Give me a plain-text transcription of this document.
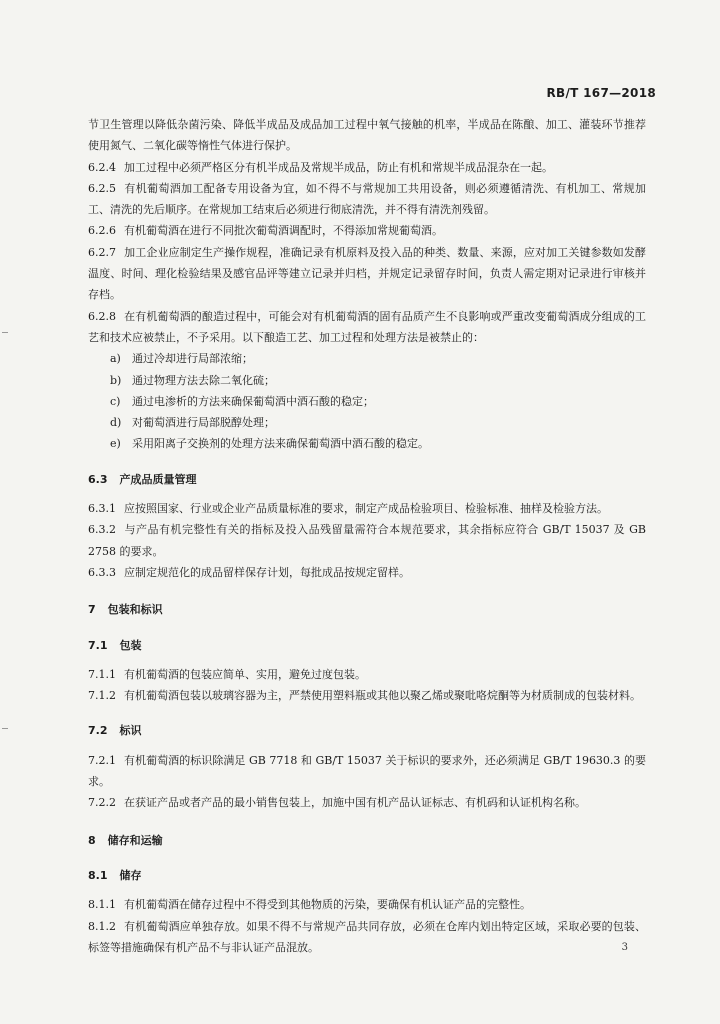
RB/T 167—2018

节卫生管理以降低杂菌污染、降低半成品及成品加工过程中氧气接触的机率，半成品在陈酿、加工、灌装环节推荐使用氮气、二氧化碳等惰性气体进行保护。

6.2.4 加工过程中必须严格区分有机半成品及常规半成品，防止有机和常规半成品混杂在一起。

6.2.5 有机葡萄酒加工配备专用设备为宜，如不得不与常规加工共用设备，则必须遵循清洗、有机加工、常规加工、清洗的先后顺序。在常规加工结束后必须进行彻底清洗，并不得有清洗剂残留。

6.2.6 有机葡萄酒在进行不同批次葡萄酒调配时，不得添加常规葡萄酒。

6.2.7 加工企业应制定生产操作规程，准确记录有机原料及投入品的种类、数量、来源，应对加工关键参数如发酵温度、时间、理化检验结果及感官品评等建立记录并归档，并规定记录留存时间，负责人需定期对记录进行审核并存档。

6.2.8 在有机葡萄酒的酿造过程中，可能会对有机葡萄酒的固有品质产生不良影响或严重改变葡萄酒成分组成的工艺和技术应被禁止，不予采用。以下酿造工艺、加工过程和处理方法是被禁止的：

a) 通过冷却进行局部浓缩；

b) 通过物理方法去除二氧化硫；

c) 通过电渗析的方法来确保葡萄酒中酒石酸的稳定；

d) 对葡萄酒进行局部脱醇处理；

e) 采用阳离子交换剂的处理方法来确保葡萄酒中酒石酸的稳定。

6.3 产成品质量管理

6.3.1 应按照国家、行业或企业产品质量标准的要求，制定产成品检验项目、检验标准、抽样及检验方法。

6.3.2 与产品有机完整性有关的指标及投入品残留量需符合本规范要求，其余指标应符合 GB/T 15037 及 GB 2758 的要求。

6.3.3 应制定规范化的成品留样保存计划，每批成品按规定留样。

7 包装和标识
7.1 包装

7.1.1 有机葡萄酒的包装应简单、实用，避免过度包装。

7.1.2 有机葡萄酒包装以玻璃容器为主，严禁使用塑料瓶或其他以聚乙烯或聚吡咯烷酮等为材质制成的包装材料。

7.2 标识

7.2.1 有机葡萄酒的标识除满足 GB 7718 和 GB/T 15037 关于标识的要求外，还必须满足 GB/T 19630.3 的要求。

7.2.2 在获证产品或者产品的最小销售包装上，加施中国有机产品认证标志、有机码和认证机构名称。

8 储存和运输
8.1 储存

8.1.1 有机葡萄酒在储存过程中不得受到其他物质的污染，要确保有机认证产品的完整性。

8.1.2 有机葡萄酒应单独存放。如果不得不与常规产品共同存放，必须在仓库内划出特定区域，采取必要的包装、标签等措施确保有机产品不与非认证产品混放。	3
